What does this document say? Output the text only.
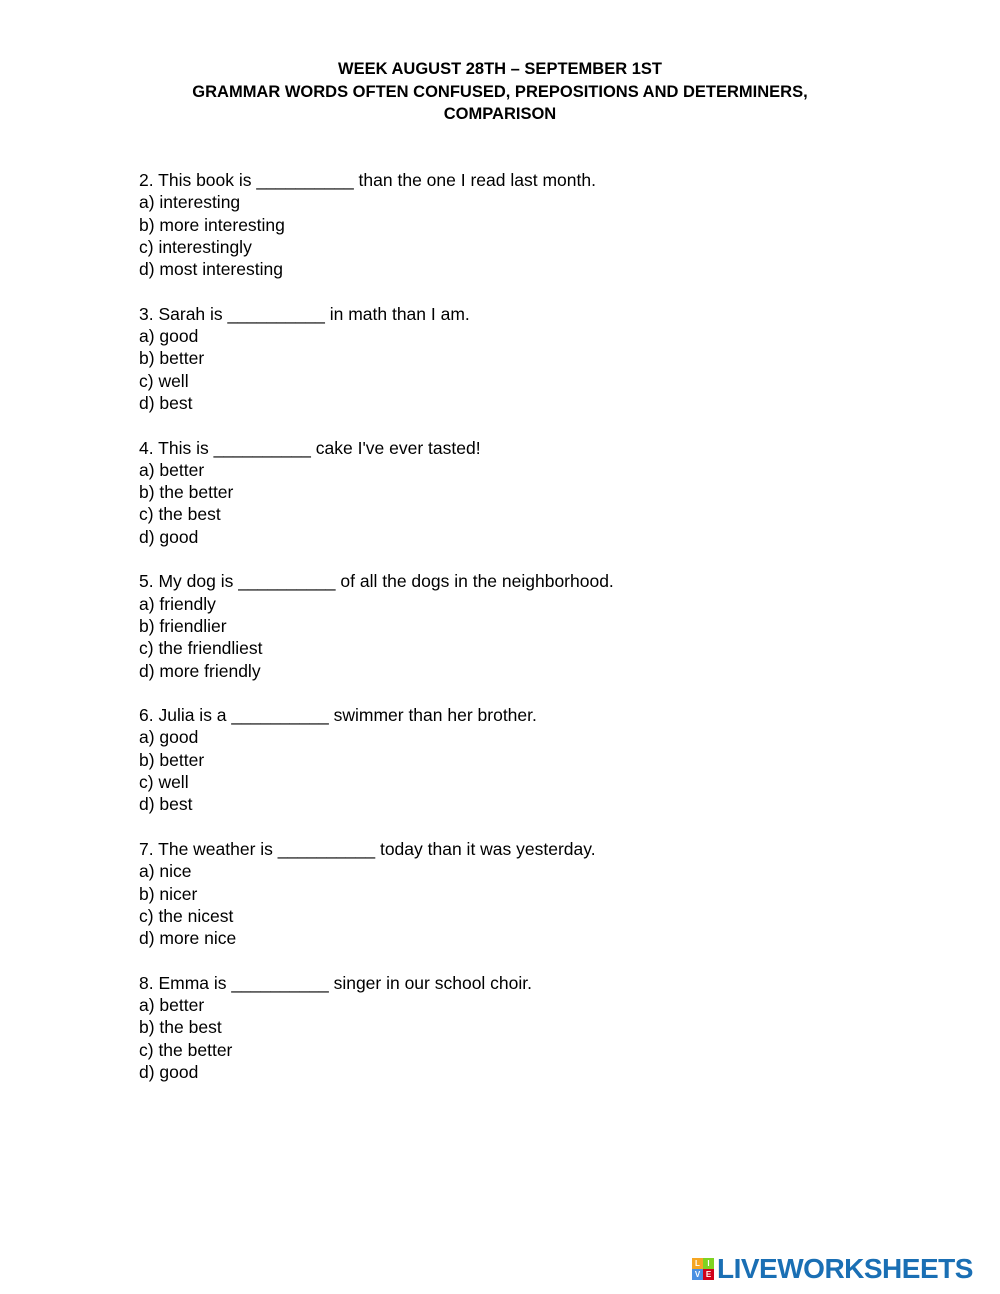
WEEK AUGUST 28TH – SEPTEMBER 1ST
GRAMMAR WORDS OFTEN CONFUSED, PREPOSITIONS AND DETERMINERS,
COMPARISON
2. This book is __________ than the one I read last month.
a) interesting
b) more interesting
c) interestingly
d) most interesting
3. Sarah is __________ in math than I am.
a) good
b) better
c) well
d) best
4. This is __________ cake I've ever tasted!
a) better
b) the better
c) the best
d) good
5. My dog is __________ of all the dogs in the neighborhood.
a) friendly
b) friendlier
c) the friendliest
d) more friendly
6. Julia is a __________ swimmer than her brother.
a) good
b) better
c) well
d) best
7. The weather is __________ today than it was yesterday.
a) nice
b) nicer
c) the nicest
d) more nice
8. Emma is __________ singer in our school choir.
a) better
b) the best
c) the better
d) good
L I
V E LIVEWORKSHEETS
